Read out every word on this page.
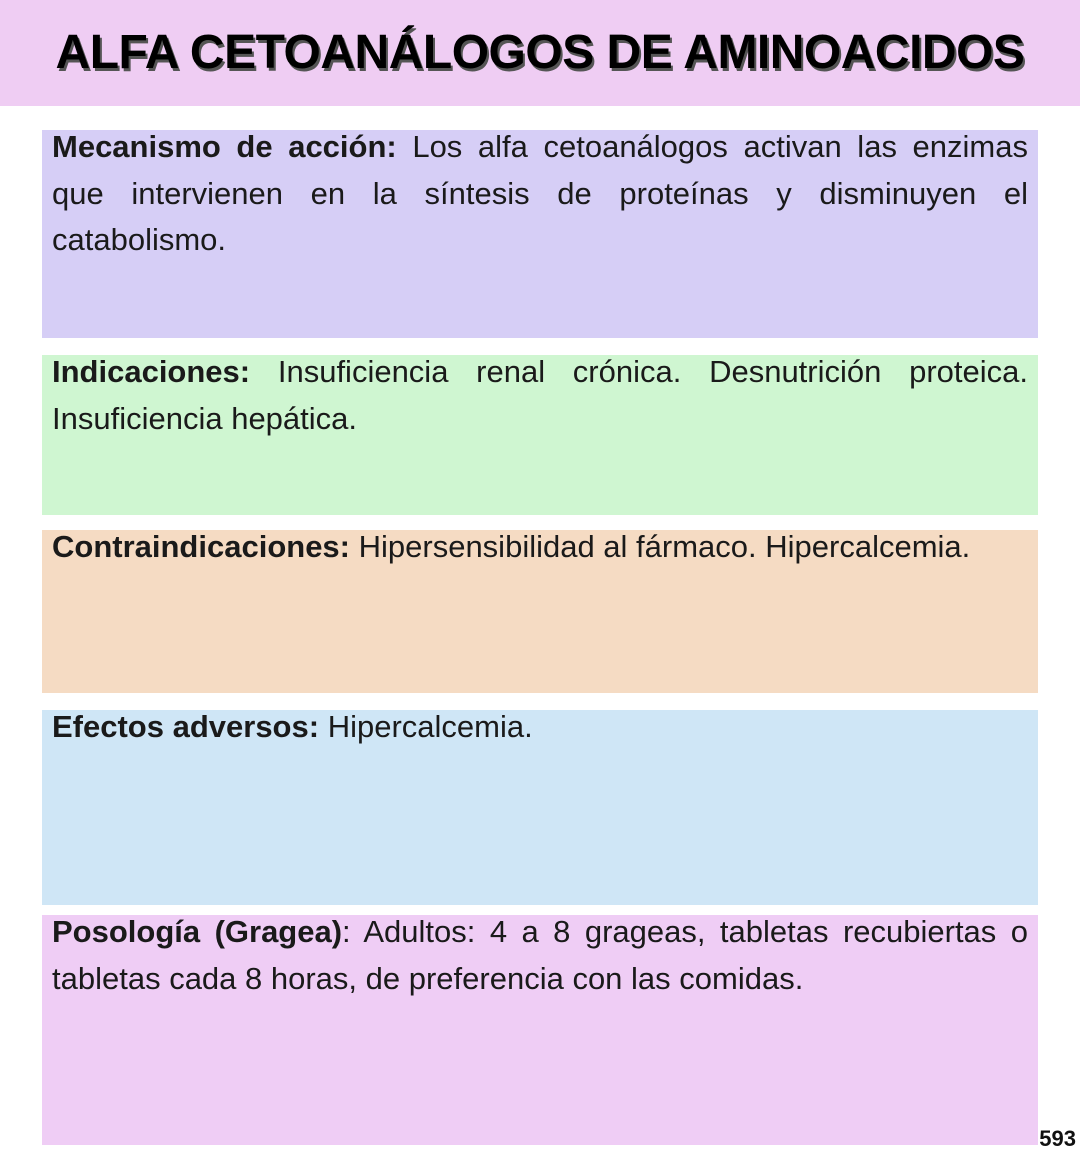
ALFA CETOANÁLOGOS DE AMINOACIDOS

Mecanismo de acción: Los alfa cetoanálogos activan las enzimas que intervienen en la síntesis de proteínas y disminuyen el catabolismo.

Indicaciones: Insuficiencia renal crónica. Desnutrición proteica. Insuficiencia hepática.

Contraindicaciones: Hipersensibilidad al fármaco. Hipercalcemia.

Efectos adversos: Hipercalcemia.

Posología (Gragea): Adultos: 4 a 8 grageas, tabletas recubiertas o tabletas cada 8 horas, de preferencia con las comidas.

593
